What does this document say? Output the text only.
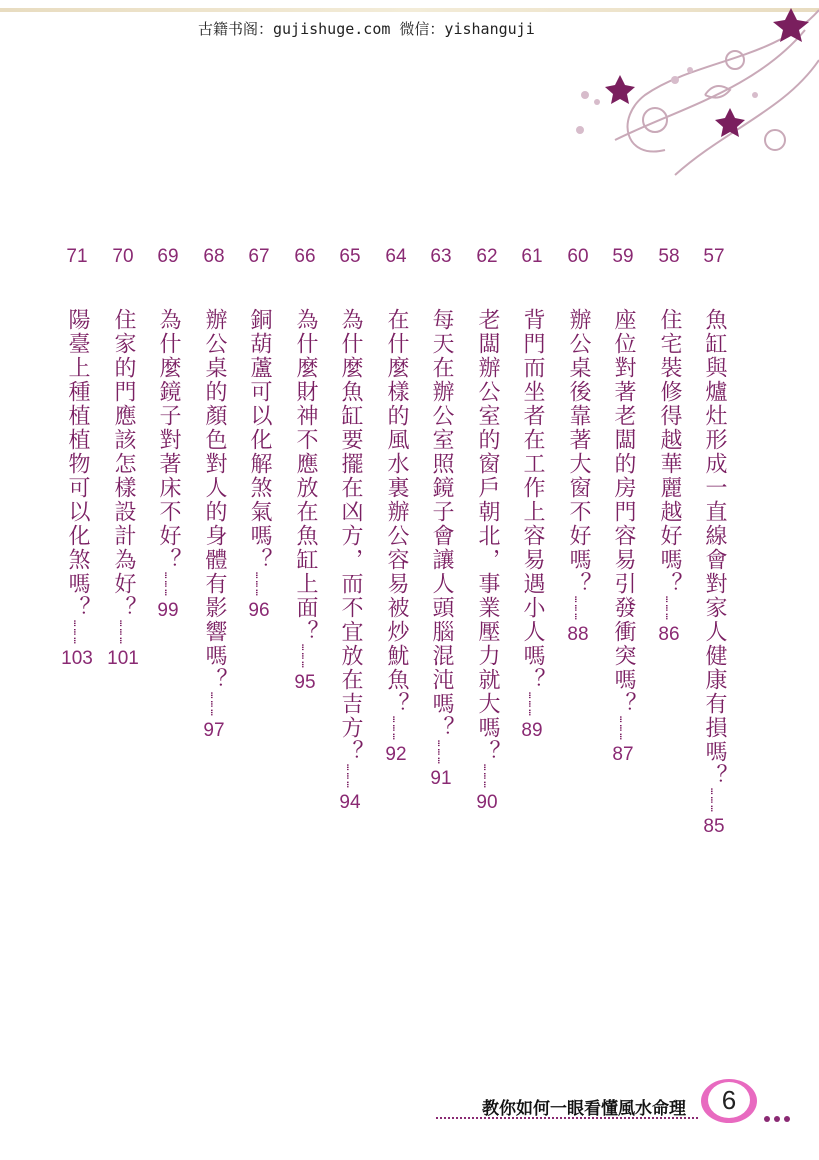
古籍书阁：gujishuge.com 微信：yishanguji
57
魚缸與爐灶形成一直線會對家人健康有損嗎？
………
85
58
住宅裝修得越華麗越好嗎？
………
86
59
座位對著老闆的房門容易引發衝突嗎？
………
87
60
辦公桌後靠著大窗不好嗎？
………
88
61
背門而坐者在工作上容易遇小人嗎？
………
89
62
老闆辦公室的窗戶朝北，事業壓力就大嗎？
………
90
63
每天在辦公室照鏡子會讓人頭腦混沌嗎？
………
91
64
在什麼樣的風水裏辦公容易被炒魷魚？
………
92
65
為什麼魚缸要擺在凶方，而不宜放在吉方？
………
94
66
為什麼財神不應放在魚缸上面？
………
95
67
銅葫蘆可以化解煞氣嗎？
………
96
68
辦公桌的顏色對人的身體有影響嗎？
………
97
69
為什麼鏡子對著床不好？
………
99
70
住家的門應該怎樣設計為好？
………
101
71
陽臺上種植植物可以化煞嗎？
………
103
教你如何一眼看懂風水命理	6
